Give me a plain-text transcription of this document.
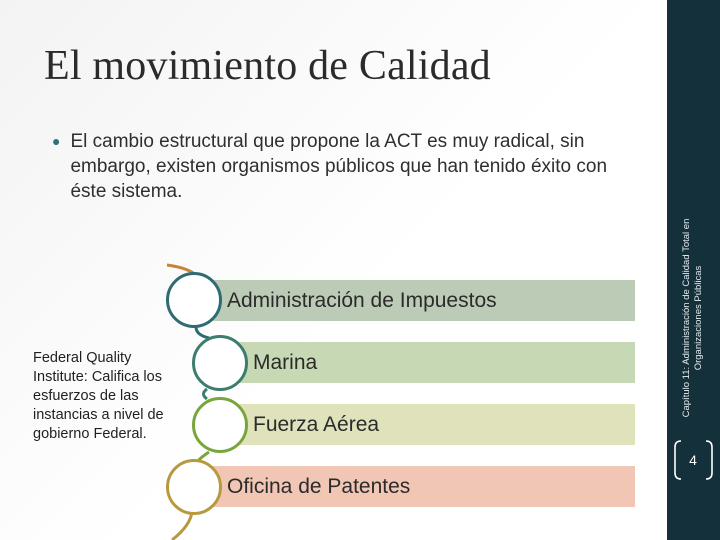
El movimiento de Calidad
● El cambio estructural que propone la ACT es muy radical, sin embargo, existen organismos públicos que han tenido éxito con éste sistema.
Administración de Impuestos
Marina
Fuerza Aérea
Oficina de Patentes
Federal Quality Institute: Califica los esfuerzos de las instancias a nivel de gobierno Federal.
Capítulo 11: Administración de Calidad Total en Organizaciones Públicas
4
